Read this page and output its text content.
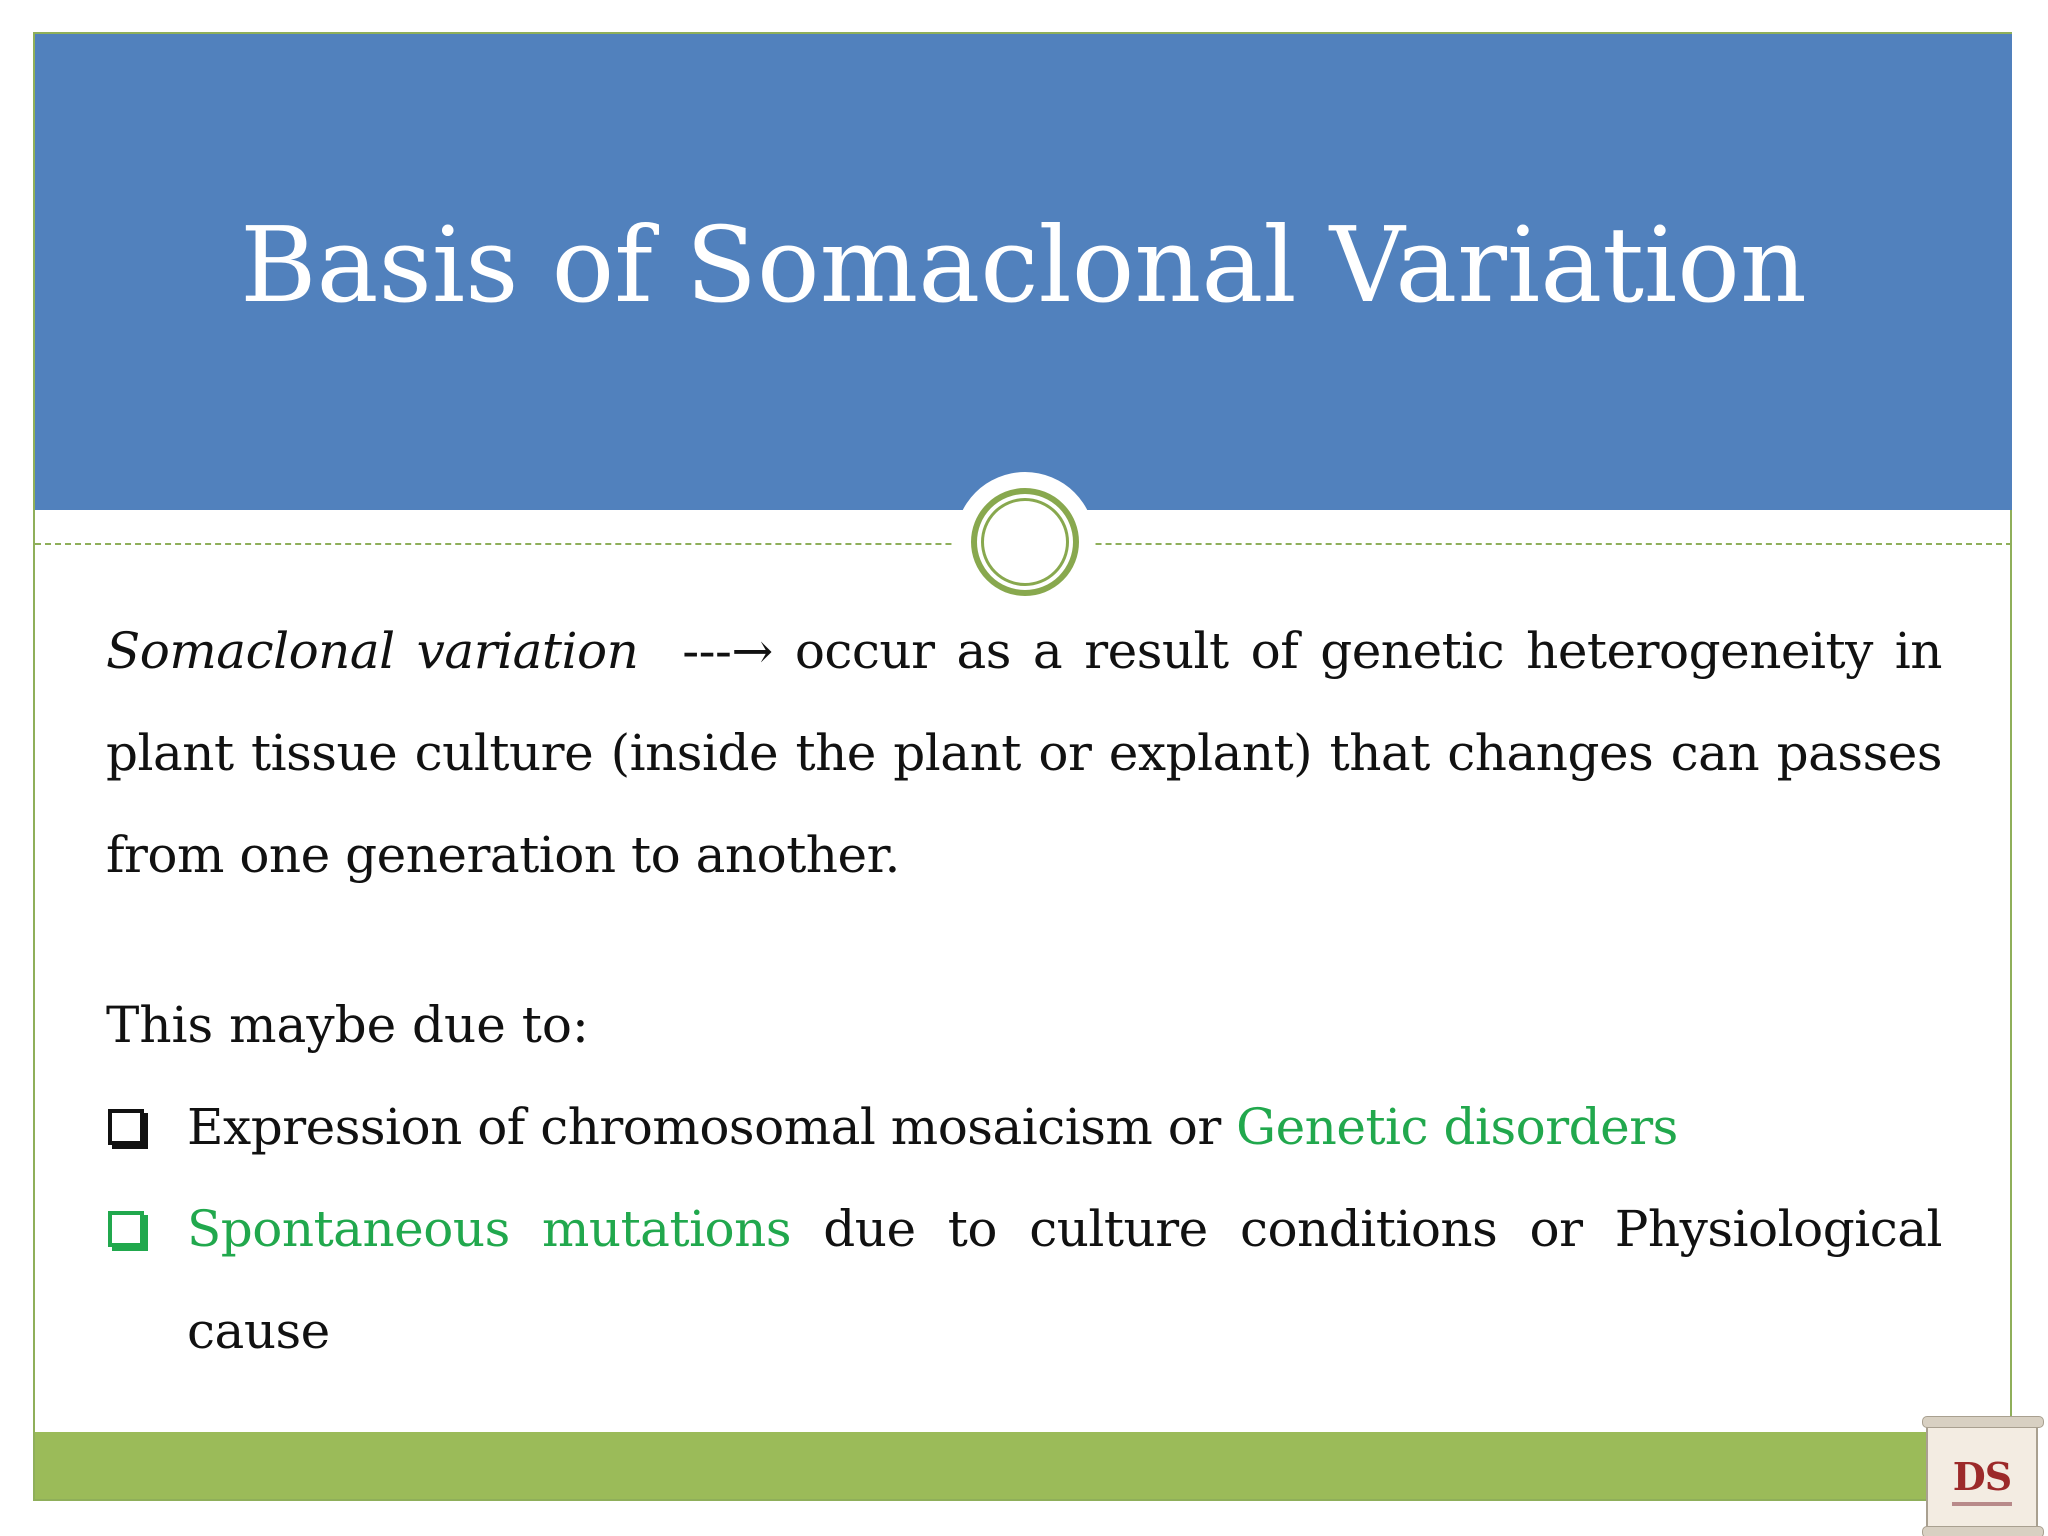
Basis of Somaclonal Variation

Somaclonal variation ---→ occur as a result of genetic heterogeneity in plant tissue culture (inside the plant or explant) that changes can passes from one generation to another.

This maybe due to:

Expression of chromosomal mosaicism or Genetic disorders
Spontaneous mutations due to culture conditions or Physiological cause
DS
